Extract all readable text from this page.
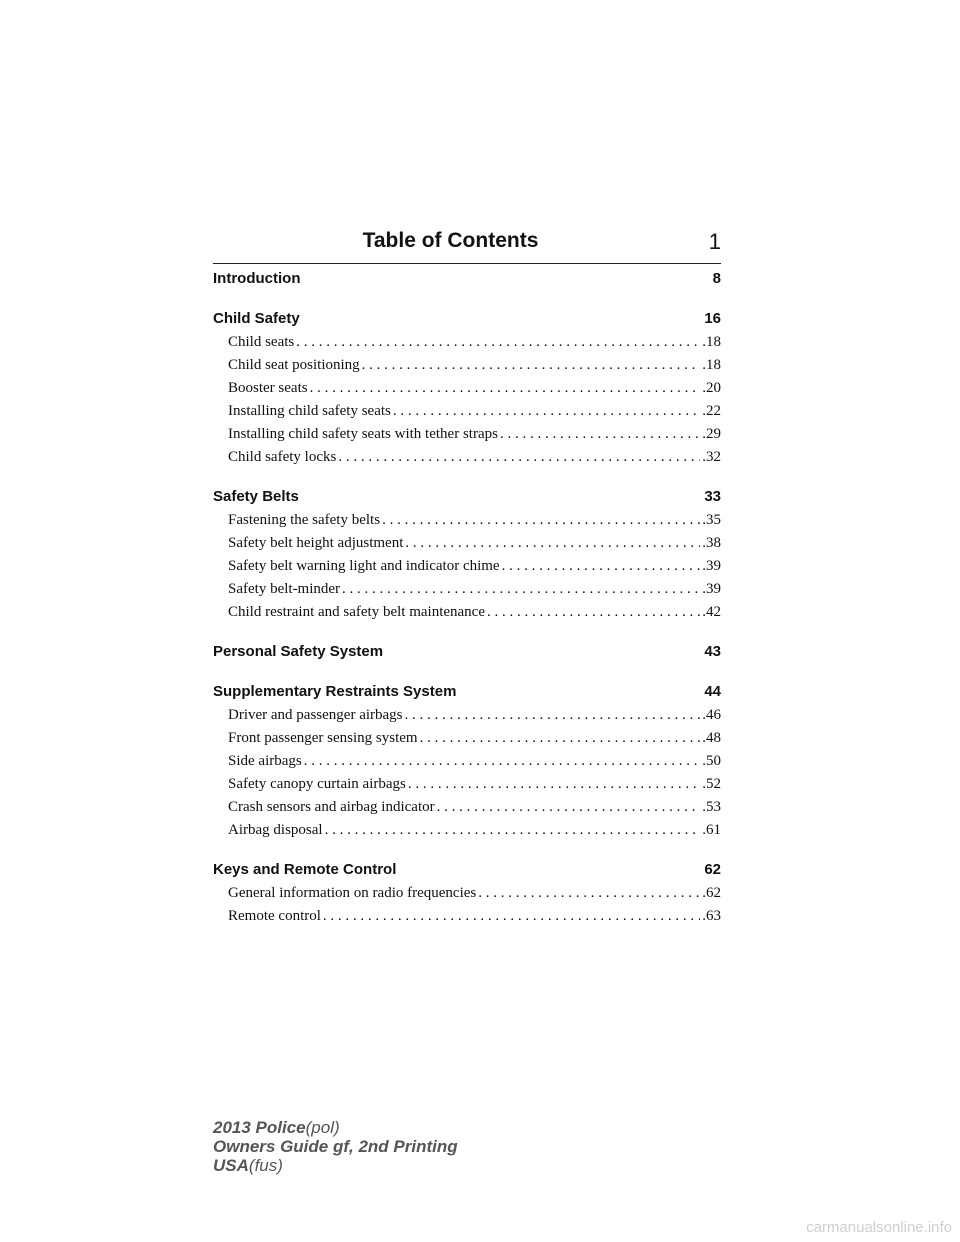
Table of Contents	1
Introduction	8
Child Safety	16
Child seats . . .	.18
Child seat positioning . . .	.18
Booster seats . . .	.20
Installing child safety seats . . .	.22
Installing child safety seats with tether straps . . .	.29
Child safety locks . . .	.32
Safety Belts	33
Fastening the safety belts . . .	.35
Safety belt height adjustment . . .	.38
Safety belt warning light and indicator chime . . .	.39
Safety belt-minder . . .	.39
Child restraint and safety belt maintenance . . .	.42
Personal Safety System	43
Supplementary Restraints System	44
Driver and passenger airbags . . .	.46
Front passenger sensing system . . .	.48
Side airbags . . .	.50
Safety canopy curtain airbags . . .	.52
Crash sensors and airbag indicator . . .	.53
Airbag disposal . . .	.61
Keys and Remote Control	62
General information on radio frequencies . . .	.62
Remote control . . .	.63
2013 Police(pol)
Owners Guide gf, 2nd Printing
USA(fus)
carmanualsonline.info
